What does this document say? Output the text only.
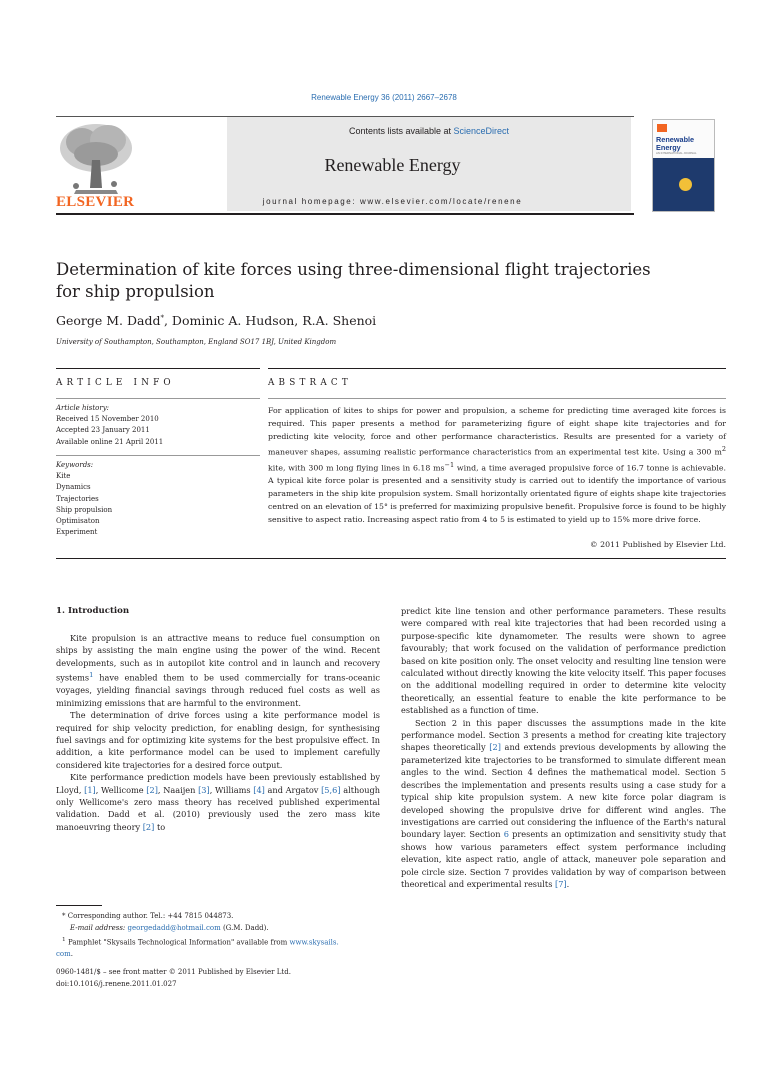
Renewable Energy 36 (2011) 2667–2678
Contents lists available at ScienceDirect
Renewable Energy
journal homepage: www.elsevier.com/locate/renene
ELSEVIER
Renewable Energy
AN INTERNATIONAL JOURNAL
Determination of kite forces using three-dimensional flight trajectories
for ship propulsion
George M. Dadd*, Dominic A. Hudson, R.A. Shenoi
University of Southampton, Southampton, England SO17 1BJ, United Kingdom
ARTICLE INFO
Article history:
Received 15 November 2010
Accepted 23 January 2011
Available online 21 April 2011
Keywords:
Kite
Dynamics
Trajectories
Ship propulsion
Optimisaton
Experiment
ABSTRACT
For application of kites to ships for power and propulsion, a scheme for predicting time averaged kite forces is required. This paper presents a method for parameterizing figure of eight shape kite trajectories and for predicting kite velocity, force and other performance characteristics. Results are presented for a variety of maneuver shapes, assuming realistic performance characteristics from an experimental test kite. Using a 300 $m^2$ kite, with 300 m long flying lines in 6.18 $ms^{-1}$ wind, a time averaged propulsive force of 16.7 tonne is achievable. A typical kite force polar is presented and a sensitivity study is carried out to identify the importance of various parameters in the ship kite propulsion system. Small horizontally orientated figure of eights shape kite trajectories centred on an elevation of 15° is preferred for maximizing propulsive benefit. Propulsive force is found to be highly sensitive to aspect ratio. Increasing aspect ratio from 4 to 5 is estimated to yield up to 15% more drive force.
© 2011 Published by Elsevier Ltd.
1. Introduction

Kite propulsion is an attractive means to reduce fuel consumption on ships by assisting the main engine using the power of the wind. Recent developments, such as in autopilot kite control and in launch and recovery systems$^1$ have enabled them to be used commercially for trans-oceanic voyages, yielding financial savings through reduced fuel costs as well as minimizing emissions that are harmful to the environment.

The determination of drive forces using a kite performance model is required for ship velocity prediction, for enabling design, for synthesising fuel savings and for optimizing kite systems for the best propulsive effect. In addition, a kite performance model can be used to implement carefully considered kite trajectories for a desired force output.

Kite performance prediction models have been previously established by Lloyd, [1], Wellicome [2], Naaijen [3], Williams [4] and Argatov [5,6] although only Wellicome's zero mass theory has received published experimental validation. Dadd et al. (2010) previously used the zero mass kite manoeuvring theory [2] to

predict kite line tension and other performance parameters. These results were compared with real kite trajectories that had been recorded using a purpose-specific kite dynamometer. The results were shown to agree favourably; that work focused on the validation of performance prediction based on kite position only. The onset velocity and resulting line tension were calculated without directly knowing the kite velocity itself. This paper focuses on the additional modelling required in order to determine kite velocity theoretically, an essential feature to enable the kite performance to be established as a function of time.

Section 2 in this paper discusses the assumptions made in the kite performance model. Section 3 presents a method for creating kite trajectory shapes theoretically [2] and extends previous developments by allowing the parameterized kite trajectories to be transformed to simulate different mean angles to the wind. Section 4 defines the mathematical model. Section 5 describes the implementation and presents results using a case study for a typical ship kite propulsion system. A new kite force polar diagram is developed showing the propulsive drive for different wind angles. The investigations are carried out considering the influence of the Earth's natural boundary layer. Section 6 presents an optimization and sensitivity study that shows how various parameters effect system performance including elevation, kite aspect ratio, angle of attack, maneuver pole separation and pole circle size. Section 7 provides validation by way of comparison between theoretical and experimental results [7].

* Corresponding author. Tel.: +44 7815 044873.
E-mail address: georgedadd@hotmail.com (G.M. Dadd).
$^1$ Pamphlet "Skysails Technological Information" available from www.skysails.
com.
0960-1481/$ – see front matter © 2011 Published by Elsevier Ltd.
doi:10.1016/j.renene.2011.01.027
